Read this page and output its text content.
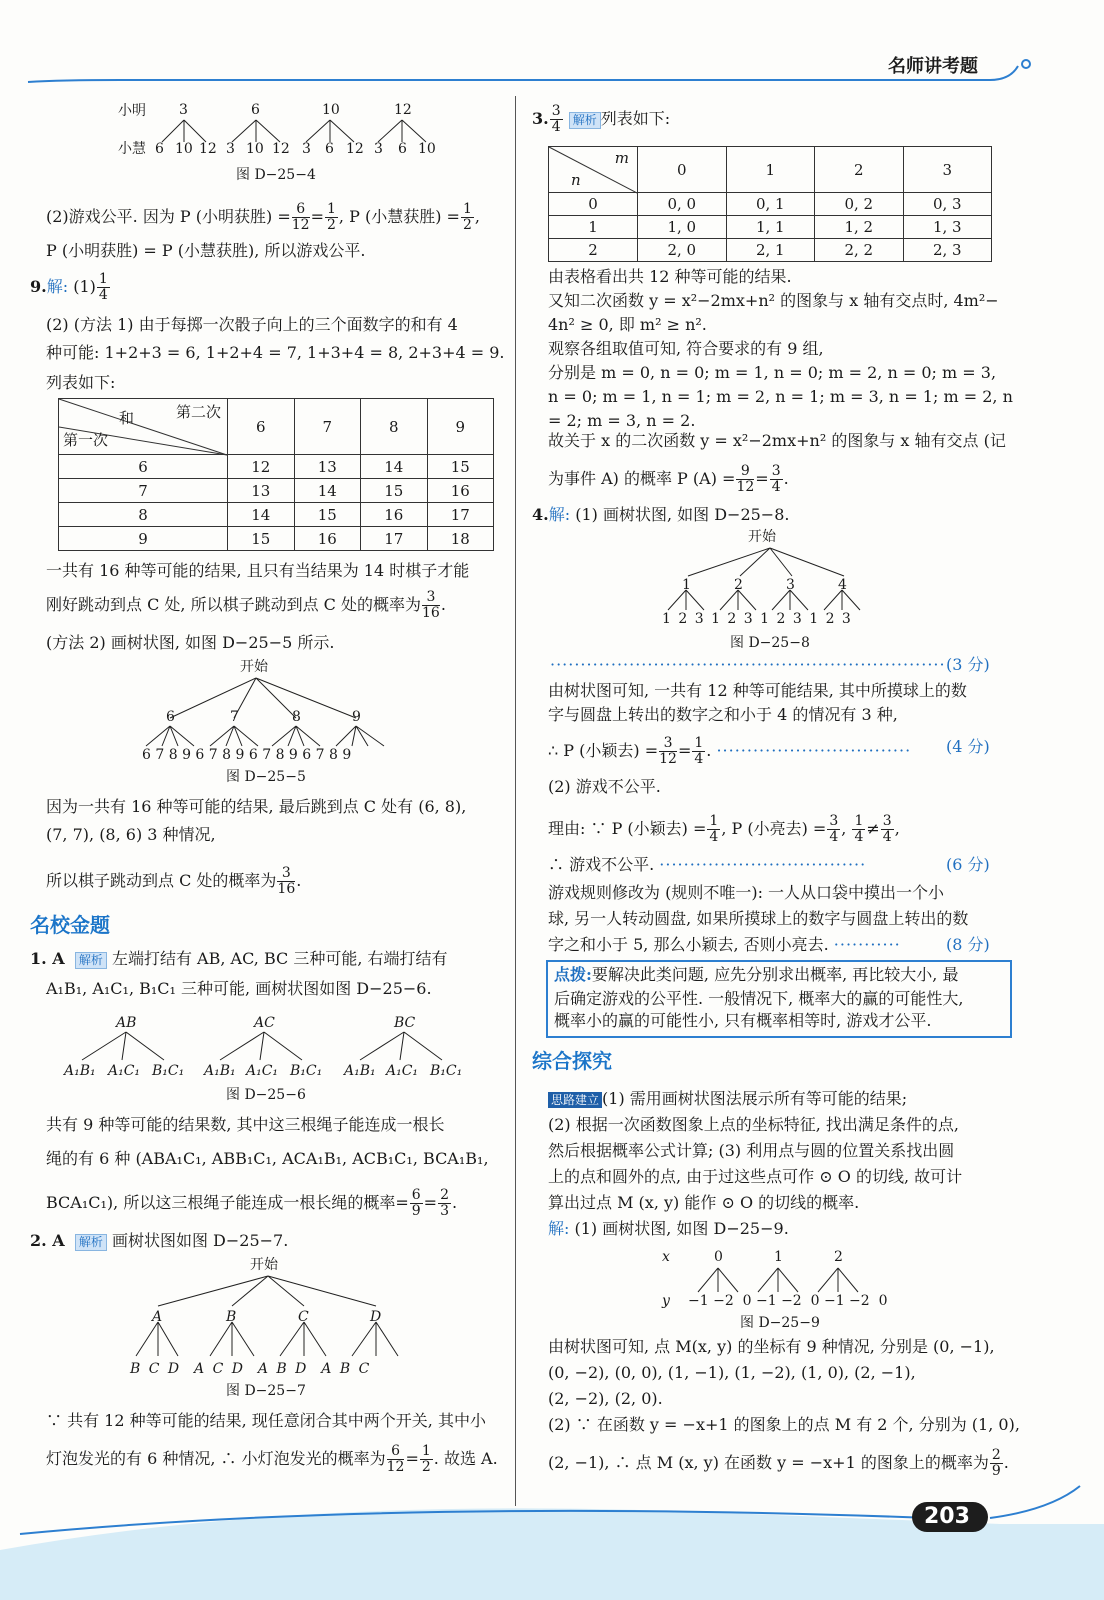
名师讲考题
小明
小慧
3	6	10	12
6 10 12 3 10 12 3 6 12 3 6 10
图 D−25−4
(2)游戏公平. 因为 P (小明获胜) = $\frac{6}{12} = \frac{1}{2}$ , P (小慧获胜) = $\frac{1}{2}$ ,
P (小明获胜) = P (小慧获胜), 所以游戏公平.
9.解: $(1) \frac{1}{4}$
(2) (方法 1) 由于每掷一次骰子向上的三个面数字的和有 4
种可能: 1+2+3 = 6, 1+2+4 = 7, 1+3+4 = 8, 2+3+4 = 9.
列表如下:
第二次
和
第一次	6	7	8	9
6	12	13	14	15
7	13	14	15	16
8	14	15	16	17
9	15	16	17	18
一共有 16 种等可能的结果, 且只有当结果为 14 时棋子才能
刚好跳动到点 C 处, 所以棋子跳动到点 C 处的概率为 $\frac{3}{16}$ .
(方法 2) 画树状图, 如图 D−25−5 所示.
开始
6	7	8	9
6 7 8 9 6 7 8 9 6 7 8 9 6 7 8 9
图 D−25−5
因为一共有 16 种等可能的结果, 最后跳到点 C 处有 (6, 8),
(7, 7), (8, 6) 3 种情况,
所以棋子跳动到点 C 处的概率为 $\frac{3}{16}$ .
名校金题
1. A 解析 左端打结有 AB, AC, BC 三种可能, 右端打结有
A₁B₁, A₁C₁, B₁C₁ 三种可能, 画树状图如图 D−25−6.
AB	AC	BC
A₁B₁ A₁C₁ B₁C₁ A₁B₁ A₁C₁ B₁C₁ A₁B₁ A₁C₁ B₁C₁
图 D−25−6
共有 9 种等可能的结果数, 其中这三根绳子能连成一根长
绳的有 6 种 (ABA₁C₁, ABB₁C₁, ACA₁B₁, ACB₁C₁, BCA₁B₁,
BCA₁C₁), 所以这三根绳子能连成一根长绳的概率= $\frac{6}{9} = \frac{2}{3}$ .
2. A 解析 画树状图如图 D−25−7.
开始
A	B	C	D
B C D  A C D  A B D  A B C
图 D−25−7
∵ 共有 12 种等可能的结果, 现任意闭合其中两个开关, 其中小
灯泡发光的有 6 种情况, ∴ 小灯泡发光的概率为 $\frac{6}{12} = \frac{1}{2}$ . 故选 A.
3. $\frac{3}{4}$ 解析 列表如下:
m
n	0	1	2	3
0	0, 0	0, 1	0, 2	0, 3
1	1, 0	1, 1	1, 2	1, 3
2	2, 0	2, 1	2, 2	2, 3
由表格看出共 12 种等可能的结果.
又知二次函数 y = x²−2mx+n² 的图象与 x 轴有交点时, 4m²−
4n² ≥ 0, 即 m² ≥ n².
观察各组取值可知, 符合要求的有 9 组,
分别是 m = 0, n = 0; m = 1, n = 0; m = 2, n = 0; m = 3,
n = 0; m = 1, n = 1; m = 2, n = 1; m = 3, n = 1; m = 2, n
= 2; m = 3, n = 2.
故关于 x 的二次函数 y = x²−2mx+n² 的图象与 x 轴有交点 (记
为事件 A) 的概率 P $(A) = \frac{9}{12} = \frac{3}{4}$ .
4.解: (1) 画树状图, 如图 D−25−8.
开始
1	2	3	4
1 2 3 1 2 3 1 2 3 1 2 3
图 D−25−8
································································· (3 分)
由树状图可知, 一共有 12 种等可能结果, 其中所摸球上的数
字与圆盘上转出的数字之和小于 4 的情况有 3 种,
∴ P (小颖去) = $\frac{3}{12} = \frac{1}{4}$ . ································ (4 分)
(2) 游戏不公平.
理由: ∵ P (小颖去) = $\frac{1}{4}$ , P (小亮去) = $\frac{3}{4}$ , $\frac{1}{4} \ne \frac{3}{4}$ ,
∴ 游戏不公平. ··································	(6 分)
游戏规则修改为 (规则不唯一): 一人从口袋中摸出一个小
球, 另一人转动圆盘, 如果所摸球上的数字与圆盘上转出的数
字之和小于 5, 那么小颖去, 否则小亮去. ···········	(8 分)
点拨:要解决此类问题, 应先分别求出概率, 再比较大小, 最
后确定游戏的公平性. 一般情况下, 概率大的赢的可能性大,
概率小的赢的可能性小, 只有概率相等时, 游戏才公平.
综合探究
思路建立 (1) 需用画树状图法展示所有等可能的结果;
(2) 根据一次函数图象上点的坐标特征, 找出满足条件的点,
然后根据概率公式计算; (3) 利用点与圆的位置关系找出圆
上的点和圆外的点, 由于过这些点可作 ⊙ O 的切线, 故可计
算出过点 M (x, y) 能作 ⊙ O 的切线的概率.
解: (1) 画树状图, 如图 D−25−9.
x
y
0	1	2
−1 −2  0 −1 −2  0 −1 −2  0
图 D−25−9
由树状图可知, 点 M(x, y) 的坐标有 9 种情况, 分别是 (0, −1),
(0, −2), (0, 0), (1, −1), (1, −2), (1, 0), (2, −1),
(2, −2), (2, 0).
(2) ∵ 在函数 y = −x+1 的图象上的点 M 有 2 个, 分别为 (1, 0),
(2, −1), ∴ 点 M (x, y) 在函数 y = −x+1 的图象上的概率为 $\frac{2}{9}$ .
203
